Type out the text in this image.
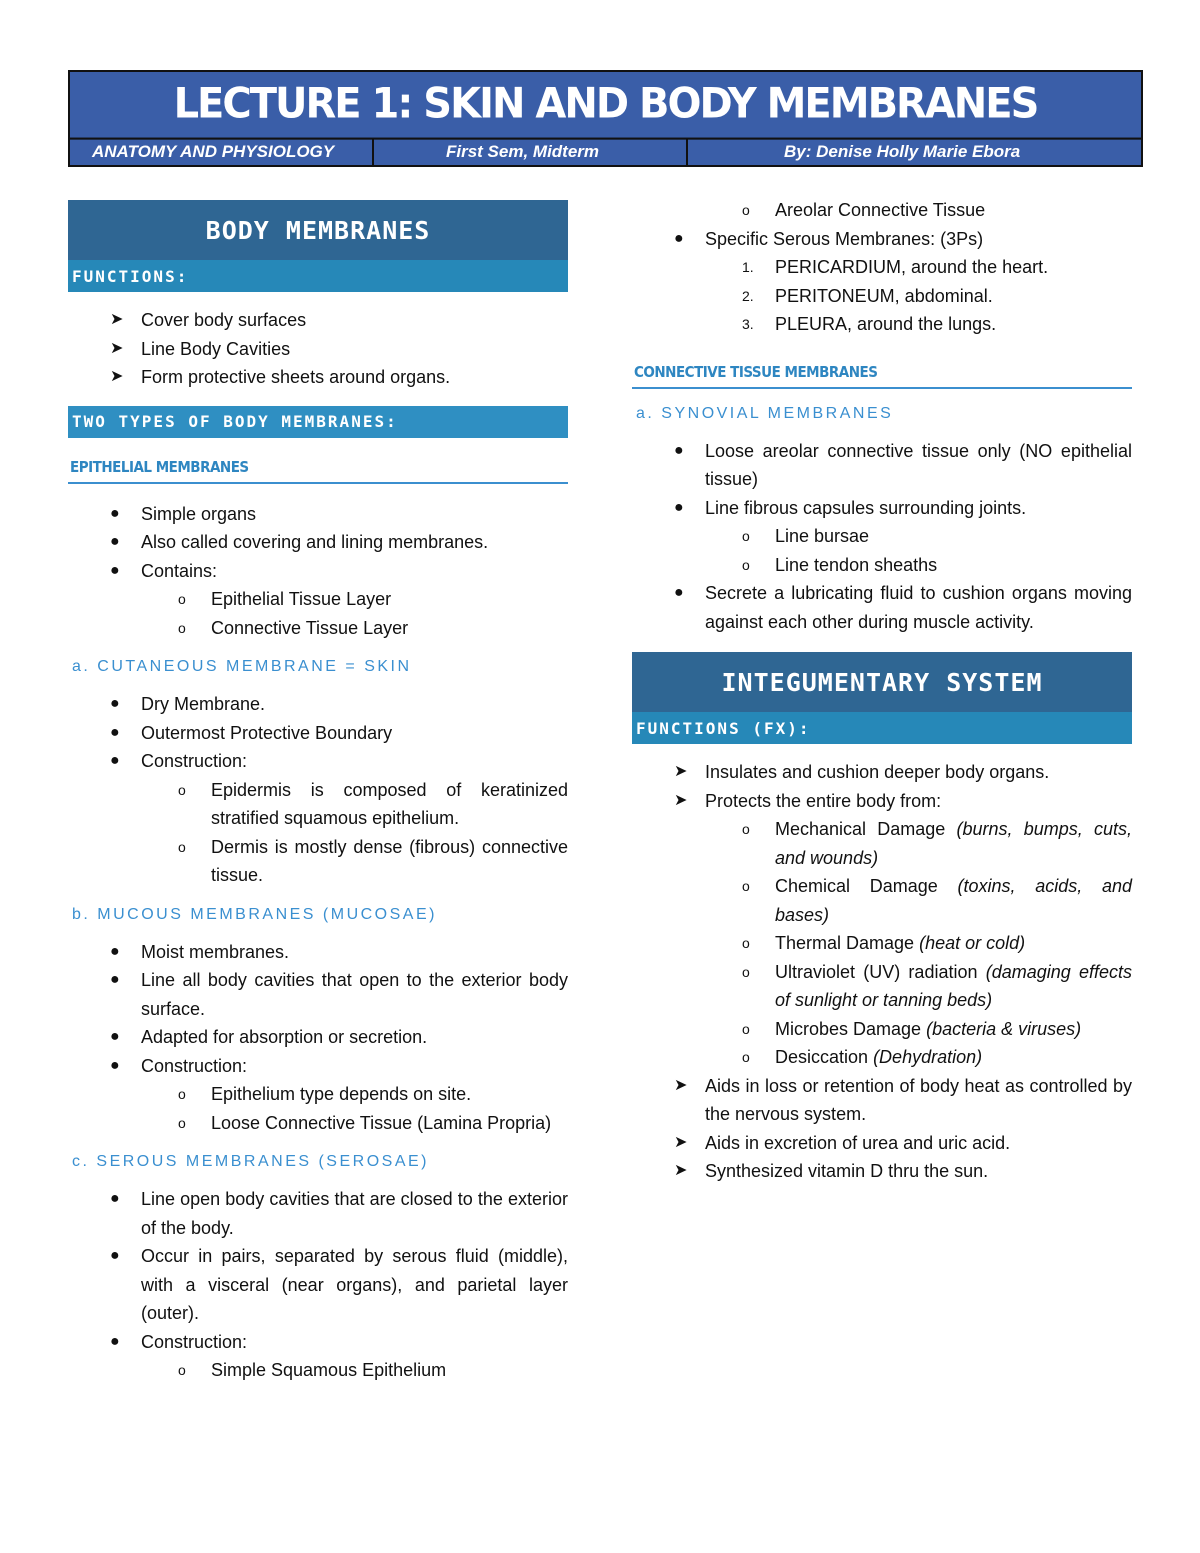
LECTURE 1: SKIN AND BODY MEMBRANES
ANATOMY AND PHYSIOLOGY	First Sem, Midterm	By: Denise Holly Marie Ebora
BODY MEMBRANES
FUNCTIONS:
➤ Cover body surfaces
➤ Line Body Cavities
➤ Form protective sheets around organs.
TWO TYPES OF BODY MEMBRANES:
EPITHELIAL MEMBRANES
● Simple organs
● Also called covering and lining membranes.
● Contains:
o Epithelial Tissue Layer
o Connective Tissue Layer
a. CUTANEOUS MEMBRANE = SKIN
● Dry Membrane.
● Outermost Protective Boundary
● Construction:
o Epidermis is composed of keratinized stratified squamous epithelium.
o Dermis is mostly dense (fibrous) connective tissue.
b. MUCOUS MEMBRANES (MUCOSAE)
● Moist membranes.
● Line all body cavities that open to the exterior body surface.
● Adapted for absorption or secretion.
● Construction:
o Epithelium type depends on site.
o Loose Connective Tissue (Lamina Propria)
c. SEROUS MEMBRANES (SEROSAE)
● Line open body cavities that are closed to the exterior of the body.
● Occur in pairs, separated by serous fluid (middle), with a visceral (near organs), and parietal layer (outer).
● Construction:
o Simple Squamous Epithelium
o Areolar Connective Tissue
● Specific Serous Membranes: (3Ps)
1. PERICARDIUM, around the heart.
2. PERITONEUM, abdominal.
3. PLEURA, around the lungs.
CONNECTIVE TISSUE MEMBRANES
a. SYNOVIAL MEMBRANES
● Loose areolar connective tissue only (NO epithelial tissue)
● Line fibrous capsules surrounding joints.
o Line bursae
o Line tendon sheaths
● Secrete a lubricating fluid to cushion organs moving against each other during muscle activity.
INTEGUMENTARY SYSTEM
FUNCTIONS (FX):
➤ Insulates and cushion deeper body organs.
➤ Protects the entire body from:
o Mechanical Damage (burns, bumps, cuts, and wounds)
o Chemical Damage (toxins, acids, and bases)
o Thermal Damage (heat or cold)
o Ultraviolet (UV) radiation (damaging effects of sunlight or tanning beds)
o Microbes Damage (bacteria & viruses)
o Desiccation (Dehydration)
➤ Aids in loss or retention of body heat as controlled by the nervous system.
➤ Aids in excretion of urea and uric acid.
➤ Synthesized vitamin D thru the sun.
